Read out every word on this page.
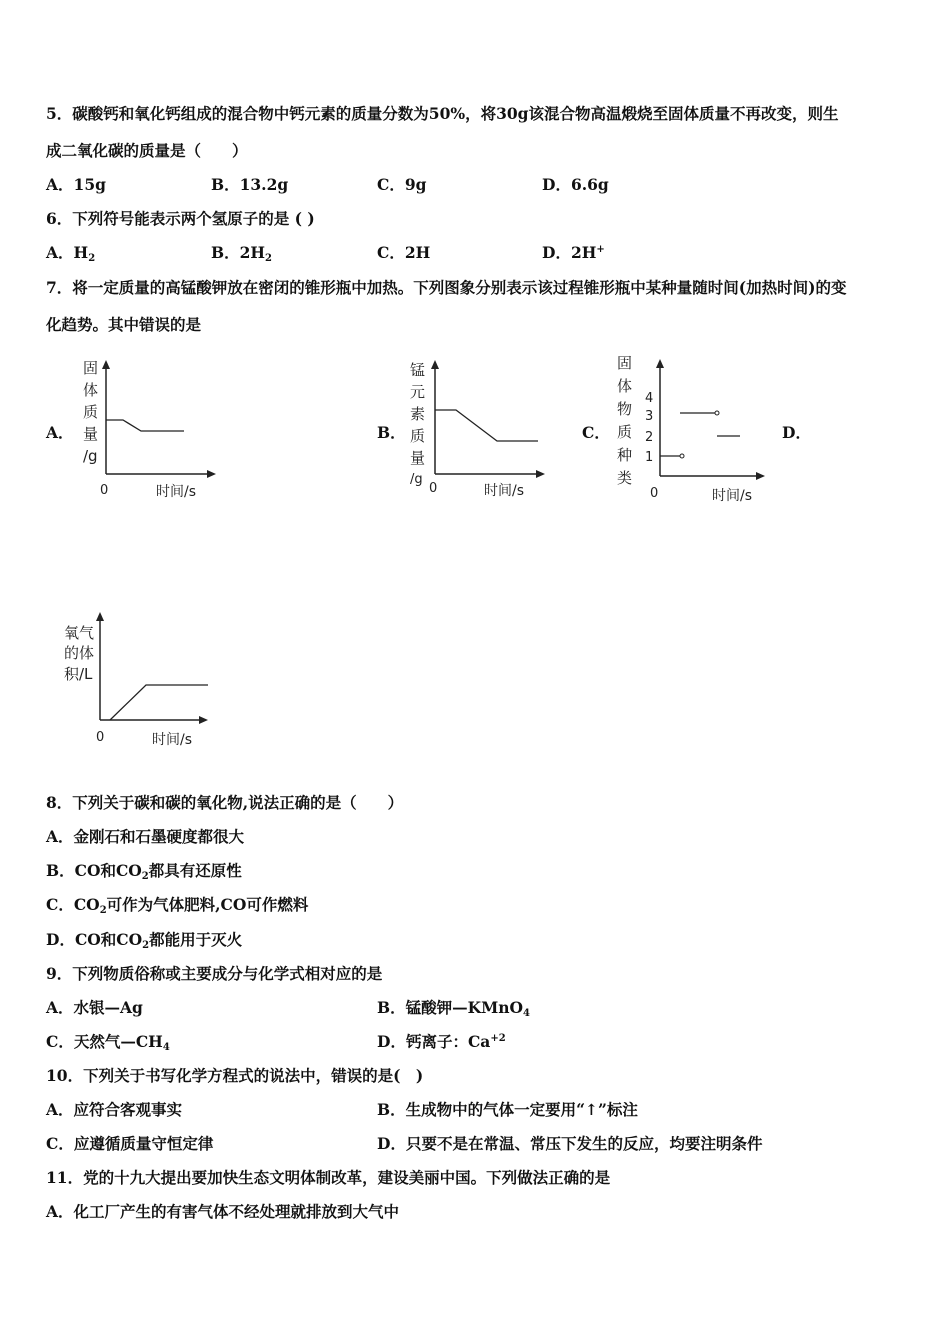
5．碳酸钙和氧化钙组成的混合物中钙元素的质量分数为50%，将30g该混合物高温煅烧至固体质量不再改变，则生
成二氧化碳的质量是（　　）
A．15g	B．13.2g	C．9g	D．6.6g
6．下列符号能表示两个氢原子的是 ( )
A．$H_2$	B．$2H_2$	C．2H	D．2H+
7．将一定质量的高锰酸钾放在密闭的锥形瓶中加热。下列图象分别表示该过程锥形瓶中某种量随时间(加热时间)的变
化趋势。其中错误的是
A．
固
体
质
量
/g
0	时间/s
B．
锰
元
素
质
量
/g
0	时间/s
C．
固
体
物
质
种
类
4
3
2
1
0	时间/s
D．
氧气
的体
积/L
0	时间/s
8．下列关于碳和碳的氧化物,说法正确的是（　　）
A．金刚石和石墨硬度都很大
B．CO和$CO_2$都具有还原性
C．$CO_2$可作为气体肥料,CO可作燃料
D．CO和$CO_2$都能用于灭火
9．下列物质俗称或主要成分与化学式相对应的是
A．水银—Ag	B．锰酸钾—KMnO$_4$
C．天然气$—CH_4$	D．钙离子：$Ca^{+2}$
10．下列关于书写化学方程式的说法中，错误的是(　)
A．应符合客观事实	B．生成物中的气体一定要用“↑”标注
C．应遵循质量守恒定律	D．只要不是在常温、常压下发生的反应，均要注明条件
11．党的十九大提出要加快生态文明体制改革，建设美丽中国。下列做法正确的是
A．化工厂产生的有害气体不经处理就排放到大气中
